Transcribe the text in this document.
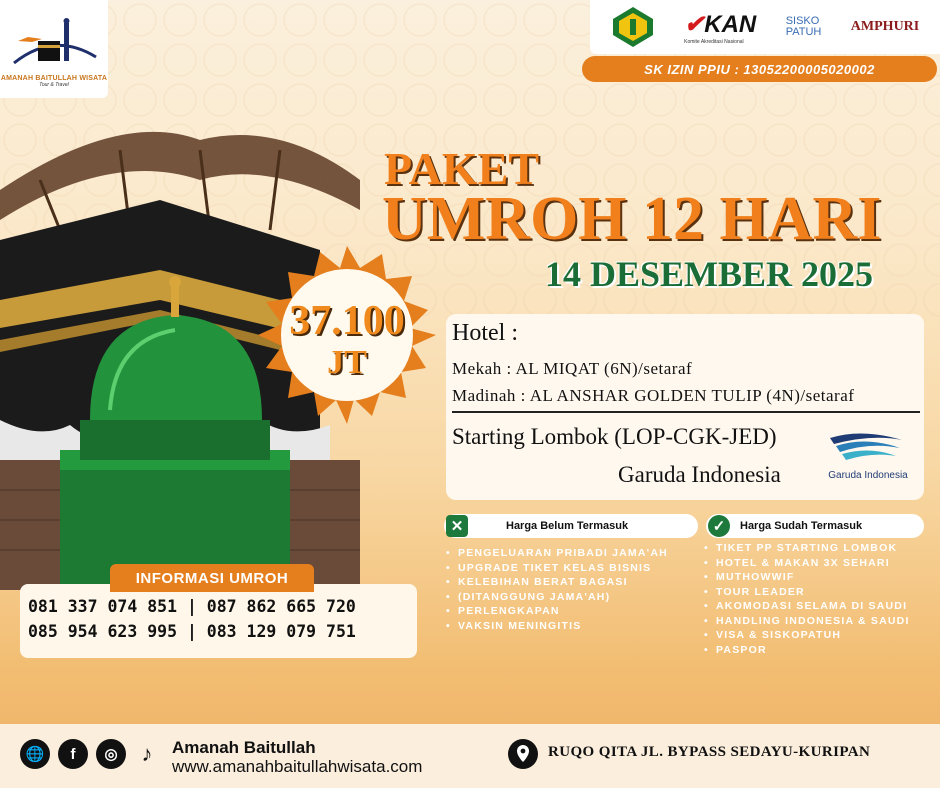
AMANAH BAITULLAH WISATA
Tour & Travel
✔KAN
Komite Akreditasi Nasional
SISKO
PATUH AMPHURI
SK IZIN PPIU : 13052200005020002
PAKET
UMROH 12 HARI
14 DESEMBER 2025
37.100
JT
Hotel :
Mekah : AL MIQAT (6N)/setaraf
Madinah : AL ANSHAR GOLDEN TULIP (4N)/setaraf
Starting Lombok (LOP-CGK-JED)
Garuda Indonesia	Garuda Indonesia
✕	Harga Belum Termasuk
• PENGELUARAN PRIBADI JAMA'AH
• UPGRADE TIKET KELAS BISNIS
• KELEBIHAN BERAT BAGASI
• (DITANGGUNG JAMA'AH)
• PERLENGKAPAN
• VAKSIN MENINGITIS
✓	Harga Sudah Termasuk
• TIKET PP STARTING LOMBOK
• HOTEL & MAKAN 3X SEHARI
• MUTHOWWIF
• TOUR LEADER
• AKOMODASI SELAMA DI SAUDI
• HANDLING INDONESIA & SAUDI
• VISA & SISKOPATUH
• PASPOR
081 337 074 851 | 087 862 665 720
085 954 623 995 | 083 129 079 751
INFORMASI UMROH
🌐	f	◎	♪	Amanah Baitullah
www.amanahbaitullahwisata.com
RUQO QITA JL. BYPASS SEDAYU-KURIPAN
